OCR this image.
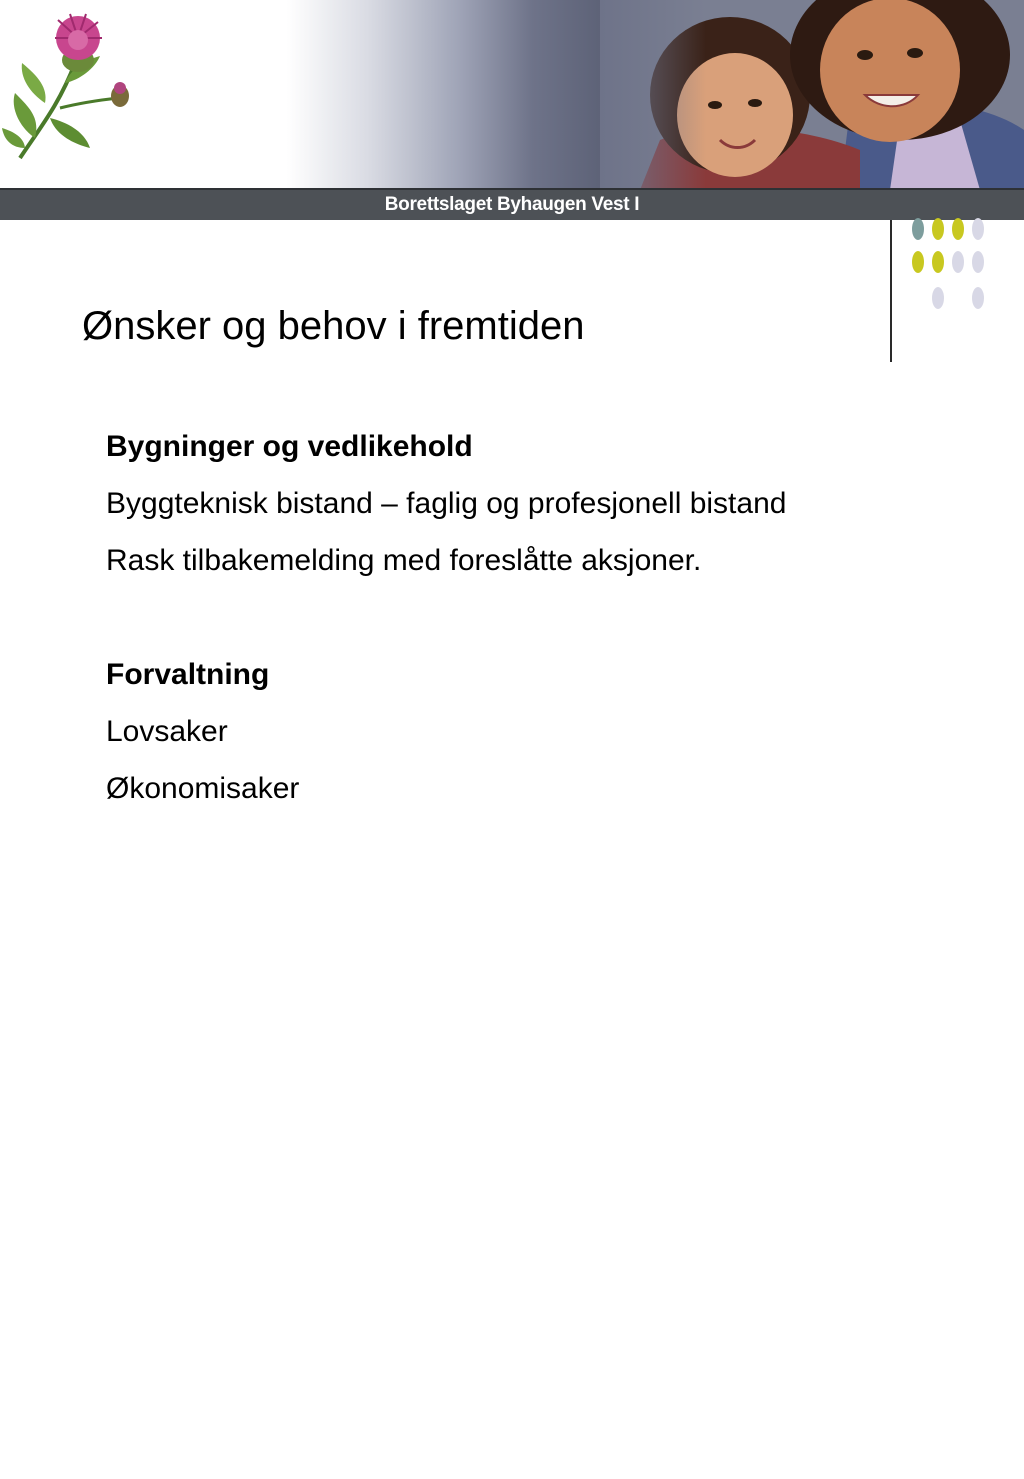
Borettslaget Byhaugen Vest I
Ønsker og behov i fremtiden

Bygninger og vedlikehold

Byggteknisk bistand – faglig og profesjonell bistand

Rask tilbakemelding med foreslåtte aksjoner.

Forvaltning

Lovsaker

Økonomisaker
